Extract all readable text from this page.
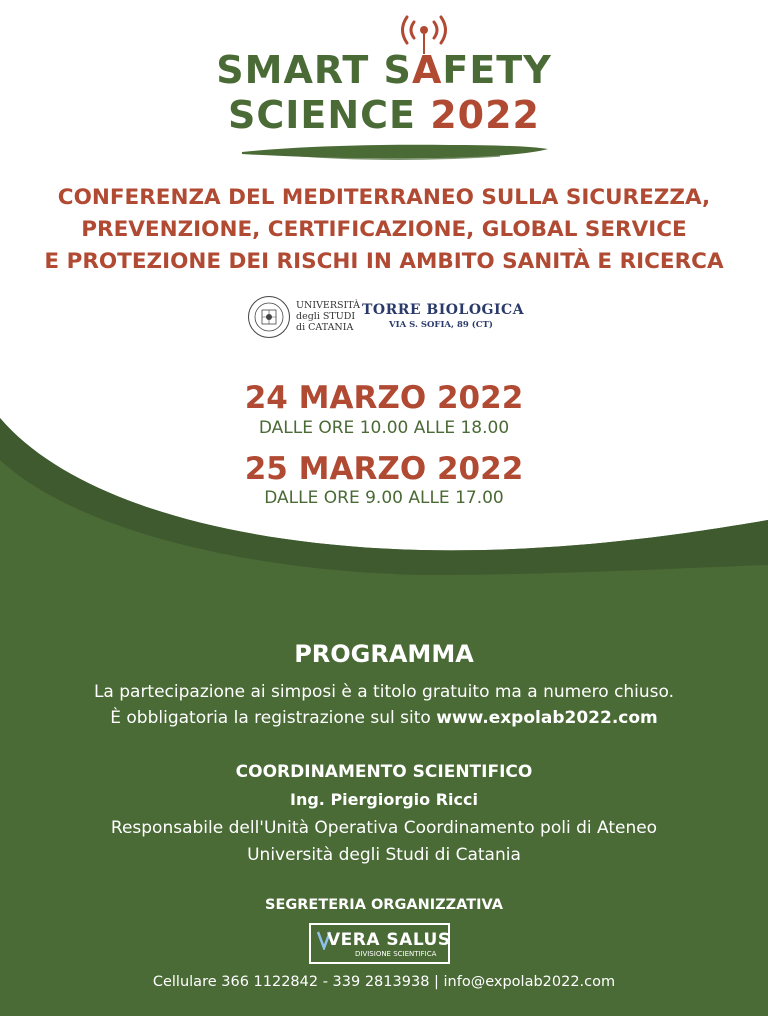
SMART SAFETY
SCIENCE 2022
CONFERENZA DEL MEDITERRANEO SULLA SICUREZZA,
PREVENZIONE, CERTIFICAZIONE, GLOBAL SERVICE
E PROTEZIONE DEI RISCHI IN AMBITO SANITÀ E RICERCA
UNIVERSITÀ
degli STUDI
di CATANIA
TORRE BIOLOGICA
VIA S. SOFIA, 89 (CT)
24 MARZO 2022
DALLE ORE 10.00 ALLE 18.00
25 MARZO 2022
DALLE ORE 9.00 ALLE 17.00
PROGRAMMA
La partecipazione ai simposi è a titolo gratuito ma a numero chiuso.
È obbligatoria la registrazione sul sito www.expolab2022.com
COORDINAMENTO SCIENTIFICO
Ing. Piergiorgio Ricci
Responsabile dell'Unità Operativa Coordinamento poli di Ateneo
Università degli Studi di Catania
SEGRETERIA ORGANIZZATIVA
VERA SALUS
DIVISIONE SCIENTIFICA
Cellulare 366 1122842 - 339 2813938 | info@expolab2022.com
